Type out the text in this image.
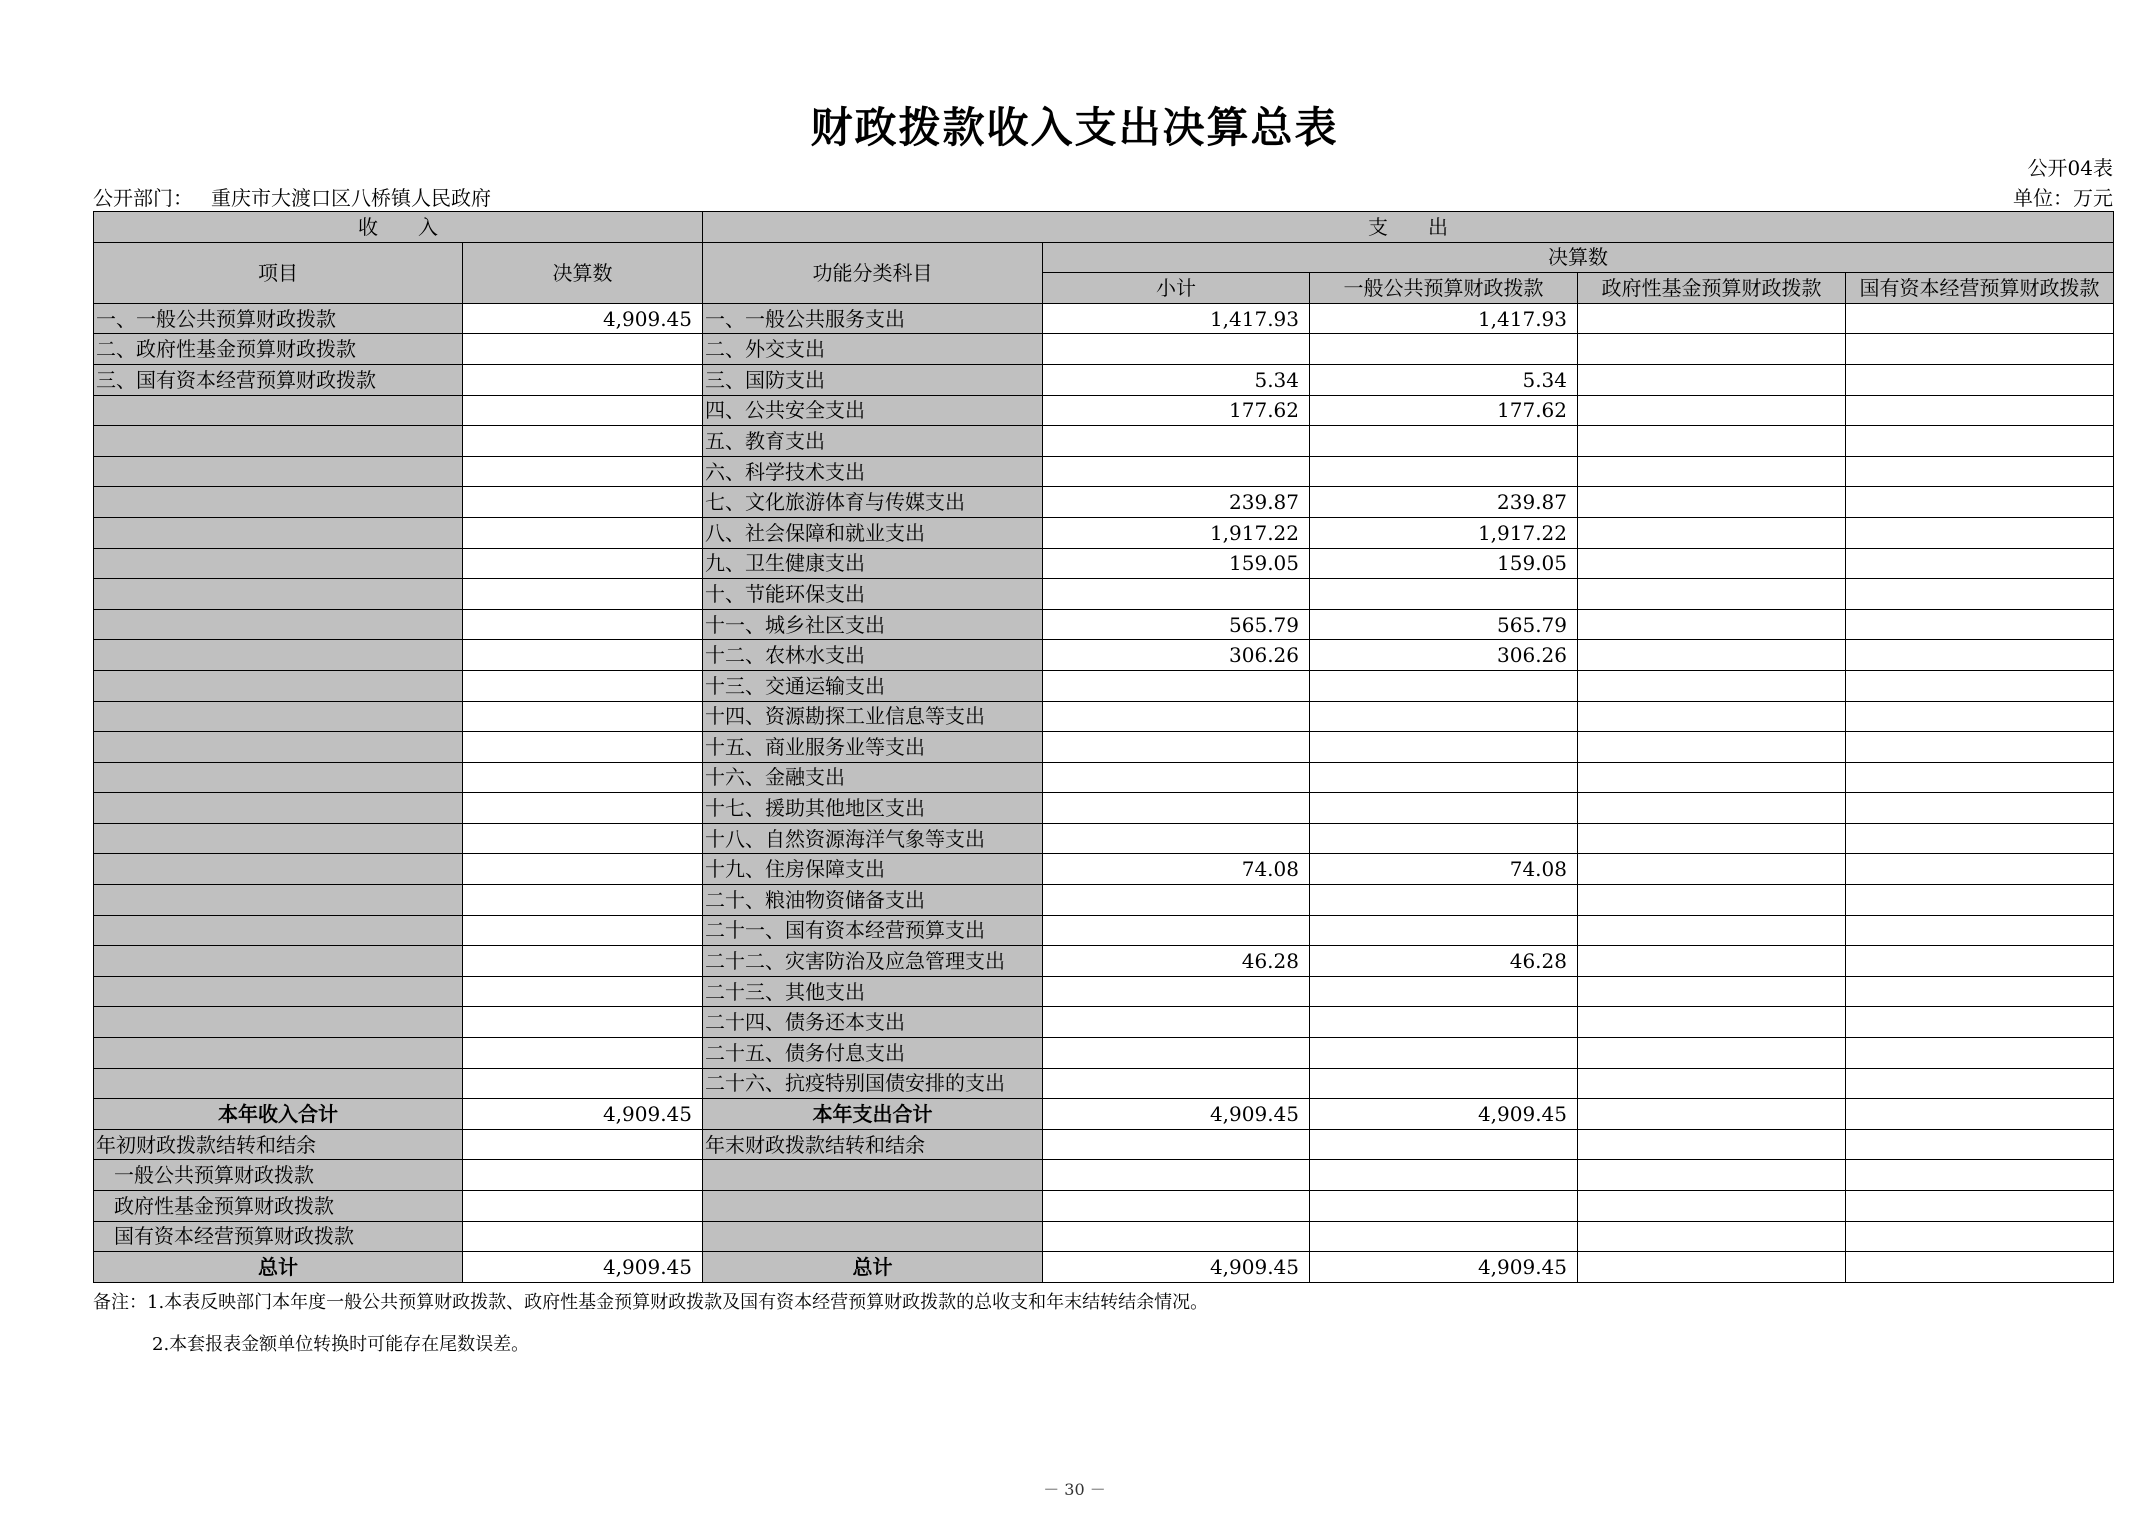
财政拨款收入支出决算总表
公开04表
公开部门： 重庆市大渡口区八桥镇人民政府	单位：万元
收　　入		支　　出				
项目	决算数	功能分类科目	决算数			
			小计	一般公共预算财政拨款	政府性基金预算财政拨款	国有资本经营预算财政拨款
一、一般公共预算财政拨款	4,909.45	一、一般公共服务支出	1,417.93	1,417.93		
二、政府性基金预算财政拨款		二、外交支出				
三、国有资本经营预算财政拨款		三、国防支出	5.34	5.34		
		四、公共安全支出	177.62	177.62		
		五、教育支出				
		六、科学技术支出				
		七、文化旅游体育与传媒支出	239.87	239.87		
		八、社会保障和就业支出	1,917.22	1,917.22		
		九、卫生健康支出	159.05	159.05		
		十、节能环保支出				
		十一、城乡社区支出	565.79	565.79		
		十二、农林水支出	306.26	306.26		
		十三、交通运输支出				
		十四、资源勘探工业信息等支出				
		十五、商业服务业等支出				
		十六、金融支出				
		十七、援助其他地区支出				
		十八、自然资源海洋气象等支出				
		十九、住房保障支出	74.08	74.08		
		二十、粮油物资储备支出				
		二十一、国有资本经营预算支出				
		二十二、灾害防治及应急管理支出	46.28	46.28		
		二十三、其他支出				
		二十四、债务还本支出				
		二十五、债务付息支出				
		二十六、抗疫特别国债安排的支出				
本年收入合计	4,909.45	本年支出合计	4,909.45	4,909.45		
年初财政拨款结转和结余		年末财政拨款结转和结余				
一般公共预算财政拨款						
政府性基金预算财政拨款						
国有资本经营预算财政拨款						
总计	4,909.45	总计	4,909.45	4,909.45		
备注：1.本表反映部门本年度一般公共预算财政拨款、政府性基金预算财政拨款及国有资本经营预算财政拨款的总收支和年末结转结余情况。
2.本套报表金额单位转换时可能存在尾数误差。
－ 30 －
